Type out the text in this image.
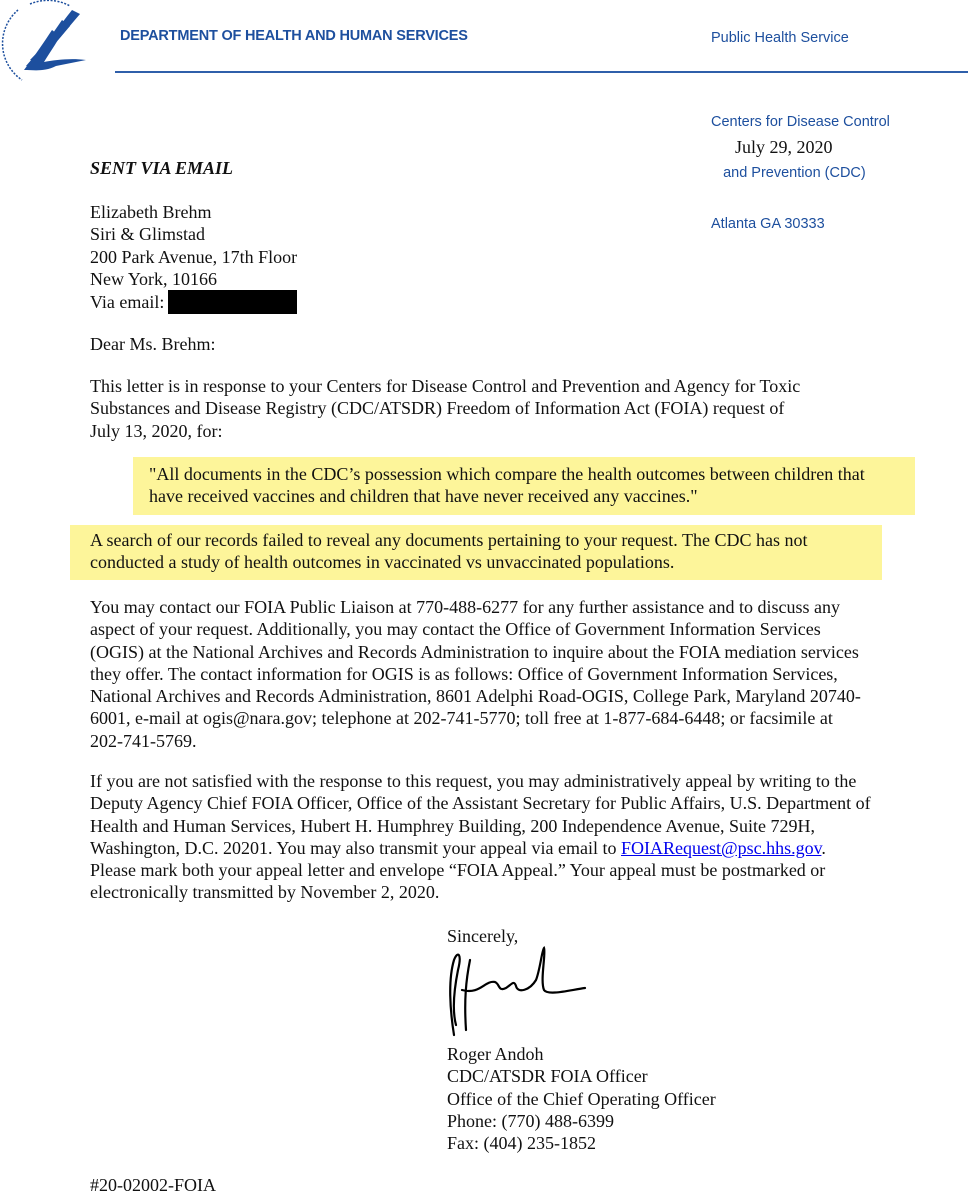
DEPARTMENT OF HEALTH AND HUMAN SERVICES	Public Health Service

Centers for Disease Control

and Prevention (CDC)

Atlanta GA 30333

July 29, 2020
SENT VIA EMAIL
Elizabeth Brehm
Siri & Glimstad
200 Park Avenue, 17th Floor
New York, 10166
Via email:
Dear Ms. Brehm:
This letter is in response to your Centers for Disease Control and Prevention and Agency for Toxic
Substances and Disease Registry (CDC/ATSDR) Freedom of Information Act (FOIA) request of
July 13, 2020, for:
"All documents in the CDC’s possession which compare the health outcomes between children that
have received vaccines and children that have never received any vaccines."
A search of our records failed to reveal any documents pertaining to your request. The CDC has not
conducted a study of health outcomes in vaccinated vs unvaccinated populations.
You may contact our FOIA Public Liaison at 770-488-6277 for any further assistance and to discuss any
aspect of your request. Additionally, you may contact the Office of Government Information Services
(OGIS) at the National Archives and Records Administration to inquire about the FOIA mediation services
they offer. The contact information for OGIS is as follows: Office of Government Information Services,
National Archives and Records Administration, 8601 Adelphi Road-OGIS, College Park, Maryland 20740-
6001, e-mail at ogis@nara.gov; telephone at 202-741-5770; toll free at 1-877-684-6448; or facsimile at
202-741-5769.
If you are not satisfied with the response to this request, you may administratively appeal by writing to the
Deputy Agency Chief FOIA Officer, Office of the Assistant Secretary for Public Affairs, U.S. Department of
Health and Human Services, Hubert H. Humphrey Building, 200 Independence Avenue, Suite 729H,
Washington, D.C. 20201. You may also transmit your appeal via email to FOIARequest@psc.hhs.gov.
Please mark both your appeal letter and envelope “FOIA Appeal.” Your appeal must be postmarked or
electronically transmitted by November 2, 2020.
Sincerely,
Roger Andoh
CDC/ATSDR FOIA Officer
Office of the Chief Operating Officer
Phone: (770) 488-6399
Fax: (404) 235-1852
#20-02002-FOIA
